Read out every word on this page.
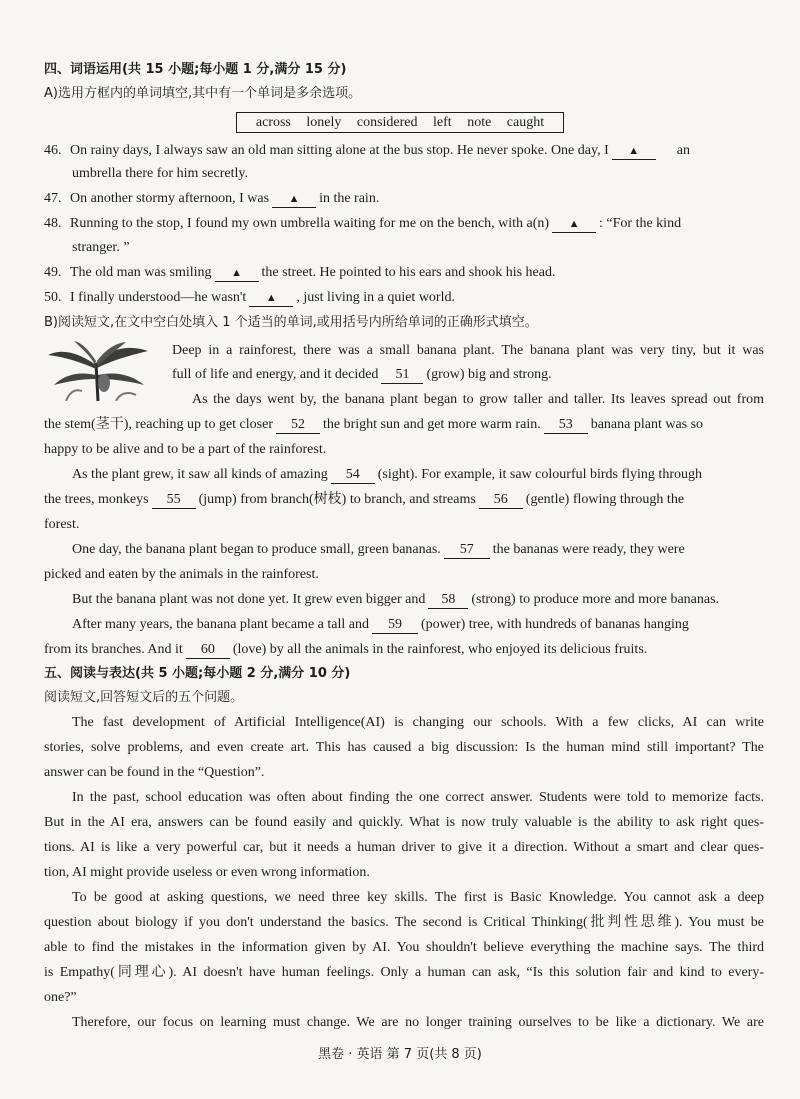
四、词语运用(共 15 小题;每小题 1 分,满分 15 分)
A)选用方框内的单词填空,其中有一个单词是多余选项。
across lonely considered left note caught
46. On rainy days, I always saw an old man sitting alone at the bus stop. He never spoke. One day, I ▲	an
umbrella there for him secretly.
47. On another stormy afternoon, I was ▲ in the rain.
48. Running to the stop, I found my own umbrella waiting for me on the bench, with a(n) ▲ : “For the kind
stranger. ”
49. The old man was smiling ▲ the street. He pointed to his ears and shook his head.
50. I finally understood—he wasn't ▲ , just living in a quiet world.
B)阅读短文,在文中空白处填入 1 个适当的单词,或用括号内所给单词的正确形式填空。
Deep in a rainforest, there was a small banana plant. The banana plant was very tiny, but it was
full of life and energy, and it decided 51 (grow) big and strong.
As the days went by, the banana plant began to grow taller and taller. Its leaves spread out from
the stem(茎干), reaching up to get closer 52 the bright sun and get more warm rain. 53 banana plant was so
happy to be alive and to be a part of the rainforest.
As the plant grew, it saw all kinds of amazing 54 (sight). For example, it saw colourful birds flying through
the trees, monkeys 55 (jump) from branch(树枝) to branch, and streams 56 (gentle) flowing through the
forest.
One day, the banana plant began to produce small, green bananas. 57 the bananas were ready, they were
picked and eaten by the animals in the rainforest.
But the banana plant was not done yet. It grew even bigger and 58 (strong) to produce more and more bananas.
After many years, the banana plant became a tall and 59 (power) tree, with hundreds of bananas hanging
from its branches. And it 60 (love) by all the animals in the rainforest, who enjoyed its delicious fruits.
五、阅读与表达(共 5 小题;每小题 2 分,满分 10 分)
阅读短文,回答短文后的五个问题。
The fast development of Artificial Intelligence(AI) is changing our schools. With a few clicks, AI can write
stories, solve problems, and even create art. This has caused a big discussion: Is the human mind still important? The
answer can be found in the “Question”.
In the past, school education was often about finding the one correct answer. Students were told to memorize facts.
But in the AI era, answers can be found easily and quickly. What is now truly valuable is the ability to ask right ques-
tions. AI is like a very powerful car, but it needs a human driver to give it a direction. Without a smart and clear ques-
tion, AI might provide useless or even wrong information.
To be good at asking questions, we need three key skills. The first is Basic Knowledge. You cannot ask a deep
question about biology if you don't understand the basics. The second is Critical Thinking(批判性思维). You must be
able to find the mistakes in the information given by AI. You shouldn't believe everything the machine says. The third
is Empathy(同理心). AI doesn't have human feelings. Only a human can ask, “Is this solution fair and kind to every-
one?”
Therefore, our focus on learning must change. We are no longer training ourselves to be like a dictionary. We are
黑卷 · 英语 第 7 页(共 8 页)
